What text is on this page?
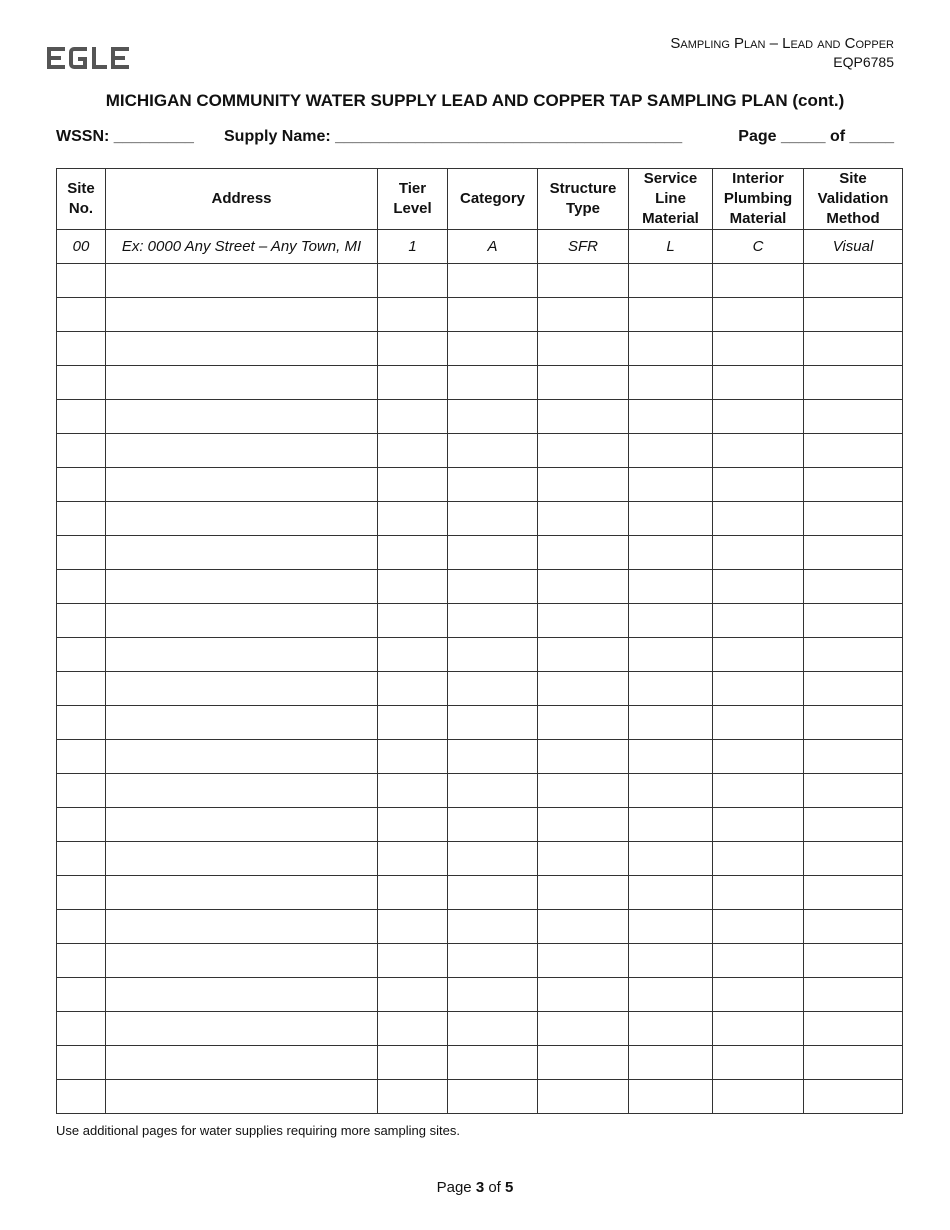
Sampling Plan – Lead and Copper
EQP6785
MICHIGAN COMMUNITY WATER SUPPLY LEAD AND COPPER TAP SAMPLING PLAN (cont.)
WSSN: _________ Supply Name: _______________________________________	Page _____ of _____
Site No.	Address	Tier Level	Category	Structure Type	Service Line Material	Interior Plumbing Material	Site Validation Method
00	Ex: 0000 Any Street – Any Town, MI	1	A	SFR	L	C	Visual

Use additional pages for water supplies requiring more sampling sites.
Page 3 of 5
